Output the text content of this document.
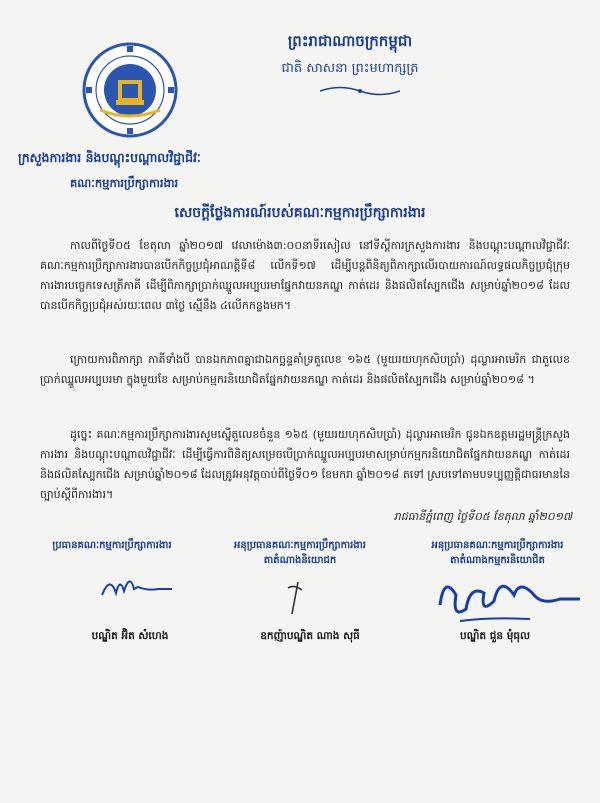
ព្រះរាជាណាចក្រកម្ពុជា
ជាតិ សាសនា ព្រះមហាក្សត្រ
ក្រសួងការងារ និងបណ្តុះបណ្តាលវិជ្ជាជីវៈ
គណៈកម្មការប្រឹក្សាការងារ
សេចក្តីថ្លែងការណ៍របស់គណៈកម្មការប្រឹក្សាការងារ
កាលពីថ្ងៃទី០៥ ខែតុលា ឆ្នាំ២០១៧ វេលាម៉ោង៣:០០នាទីរសៀល នៅទីស្តីការក្រសួងការងារ និងបណ្តុះបណ្តាលវិជ្ជាជីវៈ គណៈកម្មការប្រឹក្សាការងារបានបើកកិច្ចប្រជុំអាណត្តិទី៨ លើកទី១៧ ដើម្បីបន្តពិនិត្យពិភាក្សាលើរបាយការណ៍លទ្ធផលកិច្ចប្រជុំក្រុមការងារបច្ចេកទេសត្រីភាគី ដើម្បីពិភាក្សាប្រាក់ឈ្នួលអប្បបរមាផ្នែកវាយនភណ្ឌ កាត់ដេរ និងផលិតស្បែកជើង សម្រាប់ឆ្នាំ២០១៨ ដែលបានបើកកិច្ចប្រជុំអស់រយៈពេល ៣ថ្ងៃ ស្មើនឹង ៤លើកកន្លងមក។
ក្រោយការពិភាក្សា ភាគីទាំងបី បានឯកភាពគ្នាជាឯកច្ឆន្ទគាំទ្រតួលេខ ១៦៥ (មួយរយហុកសិបប្រាំ) ដុល្លារអាមេរិក ជាតួលេខប្រាក់ឈ្នួលអប្បបរមា ក្នុងមួយខែ សម្រាប់កម្មករនិយោជិតផ្នែកវាយនភណ្ឌ កាត់ដេរ និងផលិតស្បែកជើង សម្រាប់ឆ្នាំ២០១៨ ។
ដូច្នេះ គណៈកម្មការប្រឹក្សាការងារសូមស្នើតួលេខចំនួន ១៦៥ (មួយរយហុកសិបប្រាំ) ដុល្លារអាមេរិក ជូនឯកឧត្តមរដ្ឋមន្ត្រីក្រសួងការងារ និងបណ្តុះបណ្តាលវិជ្ជាជីវៈ ដើម្បីធ្វើការពិនិត្យសម្រេចបើប្រាក់ឈ្នួលអប្បបរមាសម្រាប់កម្មករនិយោជិតផ្នែកវាយនភណ្ឌ កាត់ដេរ និងផលិតស្បែកជើង សម្រាប់ឆ្នាំ២០១៨ ដែលត្រូវអនុវត្តចាប់ពីថ្ងៃទី០១ ខែមករា ឆ្នាំ២០១៨ តទៅ ស្របទៅតាមបទប្បញ្ញត្តិជាធរមាននៃច្បាប់ស្តីពីការងារ។
រាជធានីភ្នំពេញ ថ្ងៃទី០៥ ខែតុលា ឆ្នាំ២០១៧
ប្រធានគណៈកម្មការប្រឹក្សាការងារ	អនុប្រធានគណៈកម្មការប្រឹក្សាការងារ
តាតំណាងនិយោជក
អនុប្រធានគណៈកម្មការប្រឹក្សាការងារ
តាតំណាងកម្មករនិយោជិត
បណ្ឌិត អ៊ិត សំហេង	ឧកញ៉ាបណ្ឌិត ណាង សុធី	បណ្ឌិត ជួន មុំធុល
